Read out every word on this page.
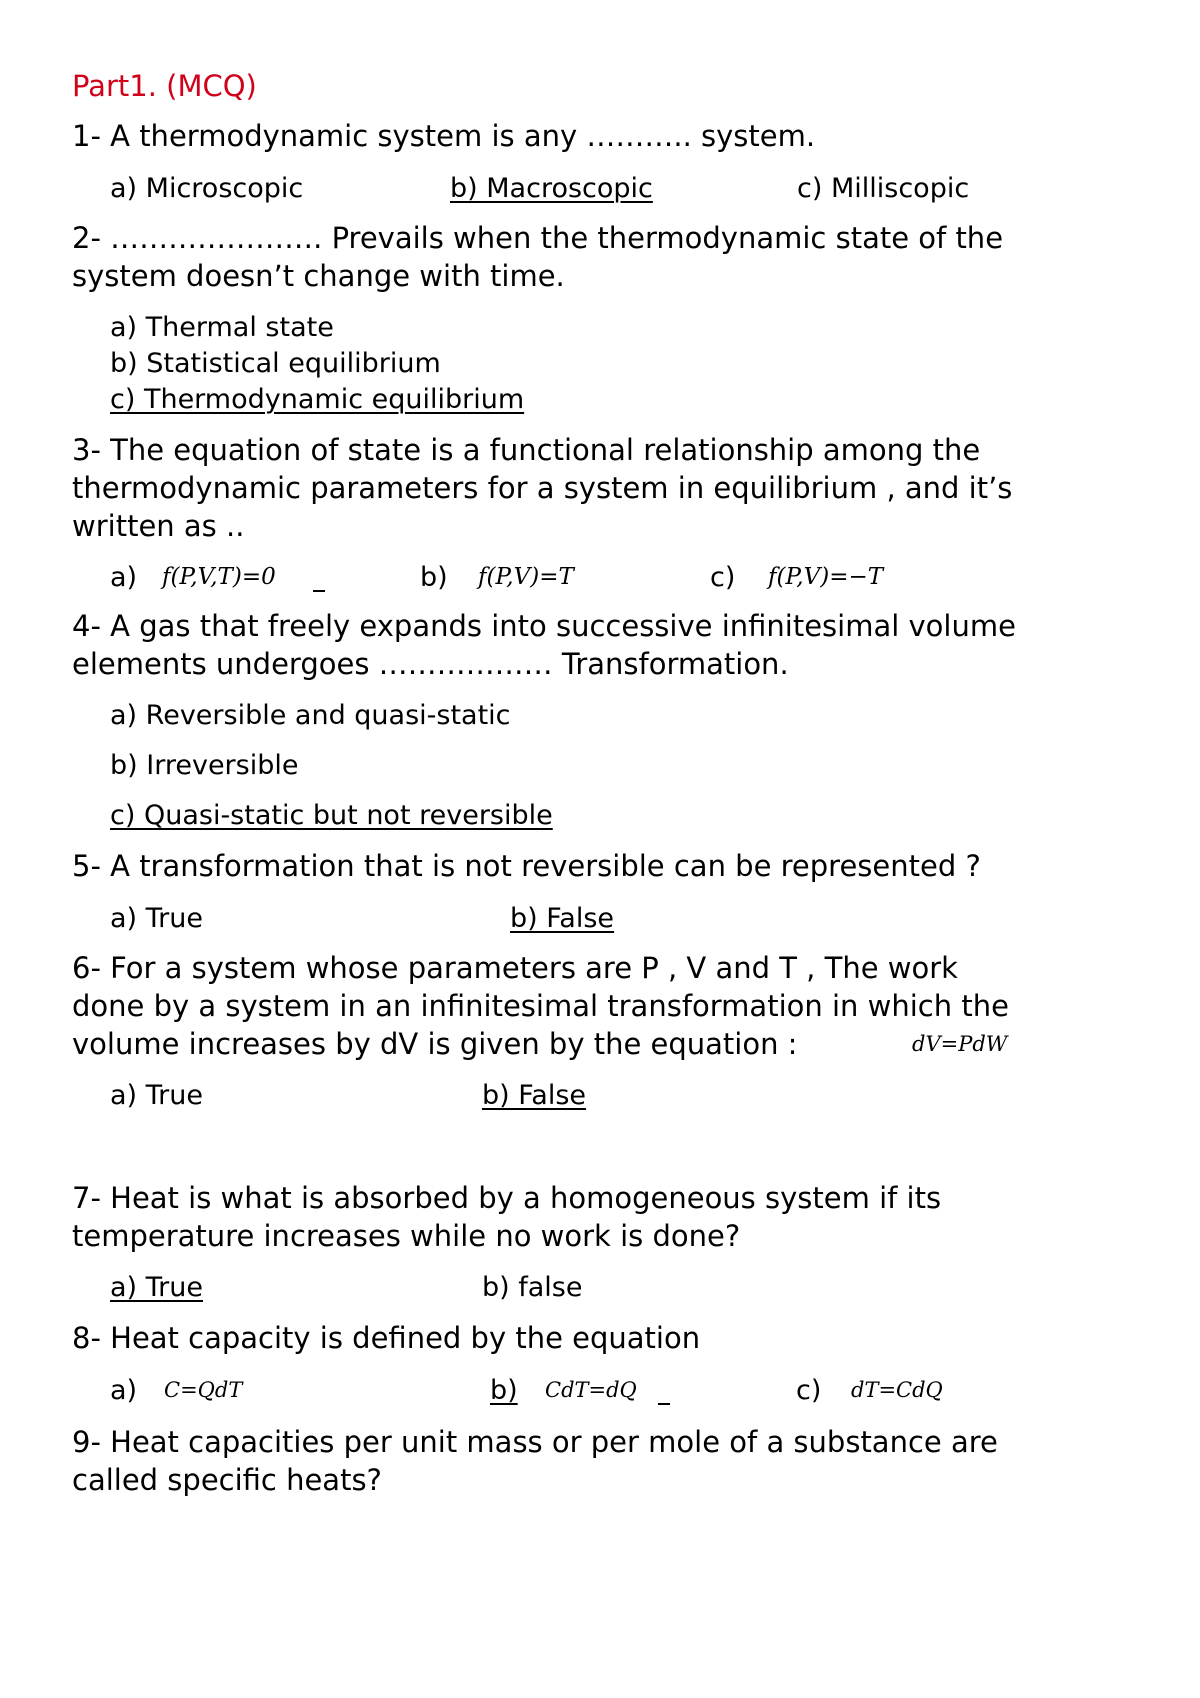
Part1. (MCQ)
1- A thermodynamic system is any ……….. system.
a) Microscopic	b) Macroscopic	c) Milliscopic
2- …………………. Prevails when the thermodynamic state of the
system doesn’t change with time.
a) Thermal state
b) Statistical equilibrium
c) Thermodynamic equilibrium
3- The equation of state is a functional relationship among the
thermodynamic parameters for a system in equilibrium , and it’s
written as ..
a) f(P,V,T)=0	b) f(P,V)=T	c) f(P,V)=−T
4- A gas that freely expands into successive infinitesimal volume
elements undergoes ……………… Transformation.
a) Reversible and quasi-static
b) Irreversible
c) Quasi-static but not reversible
5- A transformation that is not reversible can be represented ?
a) True	b) False
6- For a system whose parameters are P , V and T , The work
done by a system in an infinitesimal transformation in which the
volume increases by dV is given by the equation :	dV=PdW
a) True	b) False
7- Heat is what is absorbed by a homogeneous system if its
temperature increases while no work is done?
a) True	b) false
8- Heat capacity is defined by the equation
a) C=QdT	b) CdT=dQ	c) dT=CdQ
9- Heat capacities per unit mass or per mole of a substance are
called specific heats?
